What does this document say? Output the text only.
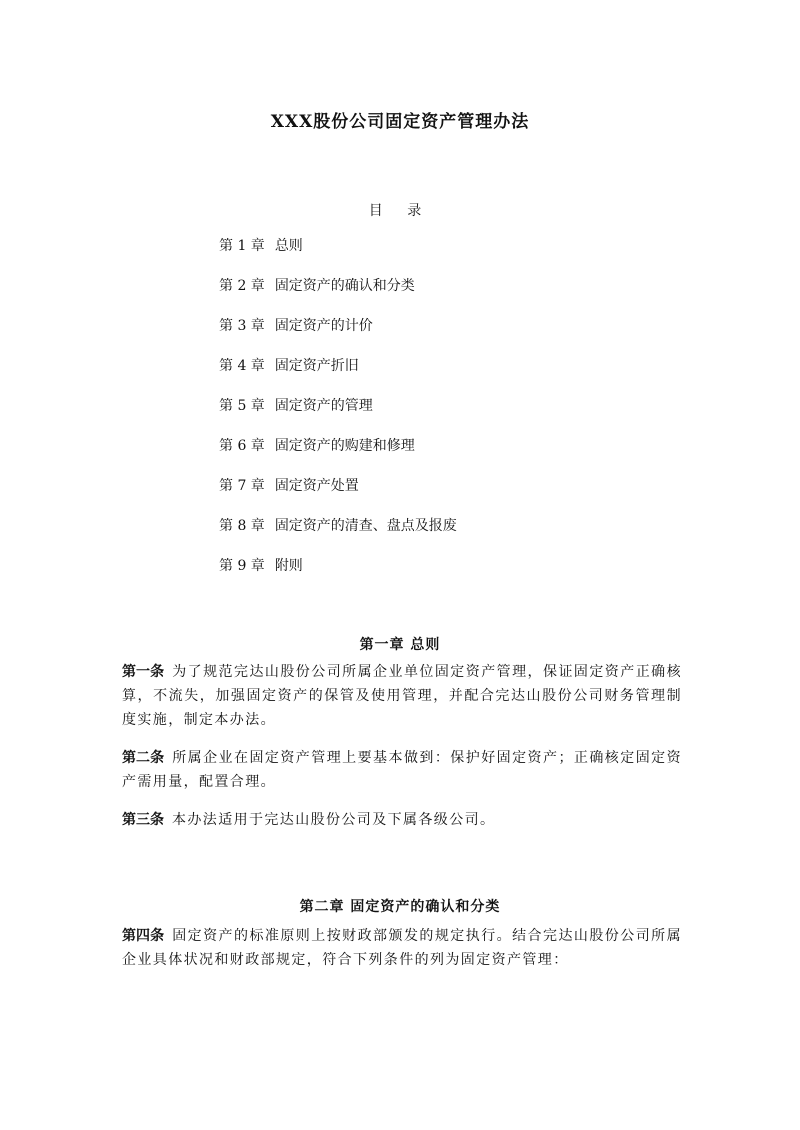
XXX股份公司固定资产管理办法
目 录
第 1 章 总则
第 2 章 固定资产的确认和分类
第 3 章 固定资产的计价
第 4 章 固定资产折旧
第 5 章 固定资产的管理
第 6 章 固定资产的购建和修理
第 7 章 固定资产处置
第 8 章 固定资产的清查、盘点及报废
第 9 章 附则
第一章 总则

第一条 为了规范完达山股份公司所属企业单位固定资产管理，保证固定资产正确核算，不流失，加强固定资产的保管及使用管理，并配合完达山股份公司财务管理制度实施，制定本办法。

第二条 所属企业在固定资产管理上要基本做到：保护好固定资产；正确核定固定资产需用量，配置合理。

第三条 本办法适用于完达山股份公司及下属各级公司。

第二章 固定资产的确认和分类

第四条 固定资产的标准原则上按财政部颁发的规定执行。结合完达山股份公司所属企业具体状况和财政部规定，符合下列条件的列为固定资产管理：
